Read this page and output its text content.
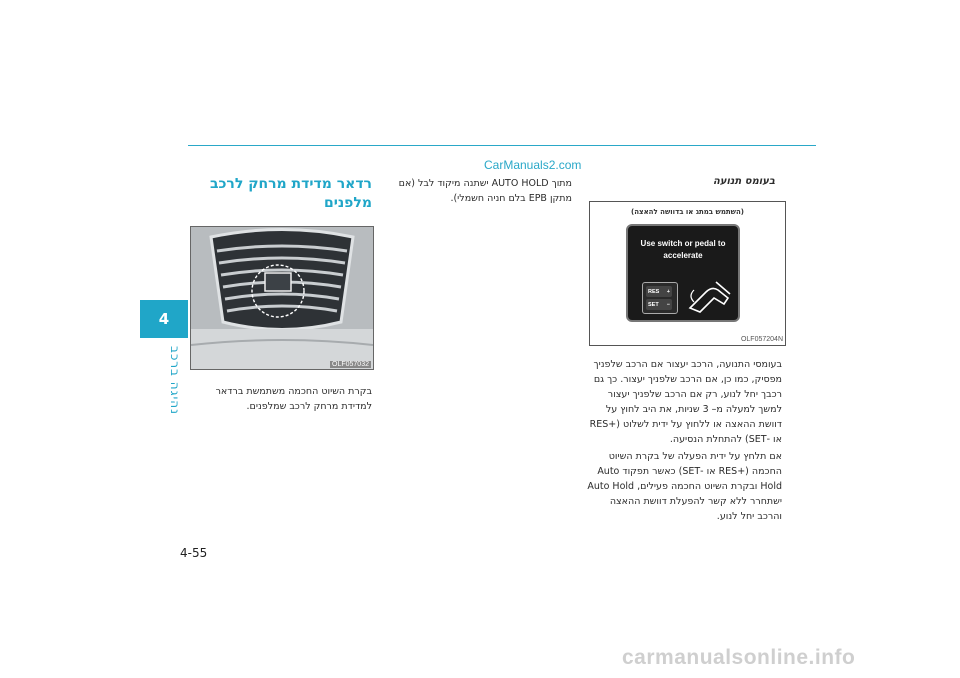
CarManuals2.com
רדאר מדידת מרחק לרכב
מלפנים
OLF057032
בקרת השיוט החכמה משתמשת ברדאר למדידת מרחק לרכב שמלפנים.
מתוך AUTO HOLD ישתנה מיקוד לבל (אם מתקן EPB בלם חניה חשמלי).
בעומס תנועה
(השתמש במתג או בדוושה להאצה)
Use switch or pedal to accelerate
RES +
SET −
OLF057204N
בעומסי התנועה, הרכב יעצור אם הרכב שלפניך מפסיק, כמו כן, אם הרכב שלפניך יעצור. כך גם רכבך יחל לנוע, רק אם הרכב שלפניך יעצור למשך למעלה מ– 3 שניות, את היב לחוץ על דוושת ההאצה או ללחוץ על ידית לשלוט (+RES או -SET) להתחלת הנסיעה.
אם תלחץ על ידית הפעלה של בקרת השיוט החכמה (+RES או -SET) כאשר תפקוד Auto Hold ובקרת השיוט החכמה פעילים, Auto Hold ישתחרר ללא קשר להפעלת דוושת ההאצה והרכב יחל לנוע.
4
נהיגה ברכב
4-55
carmanualsonline.info
